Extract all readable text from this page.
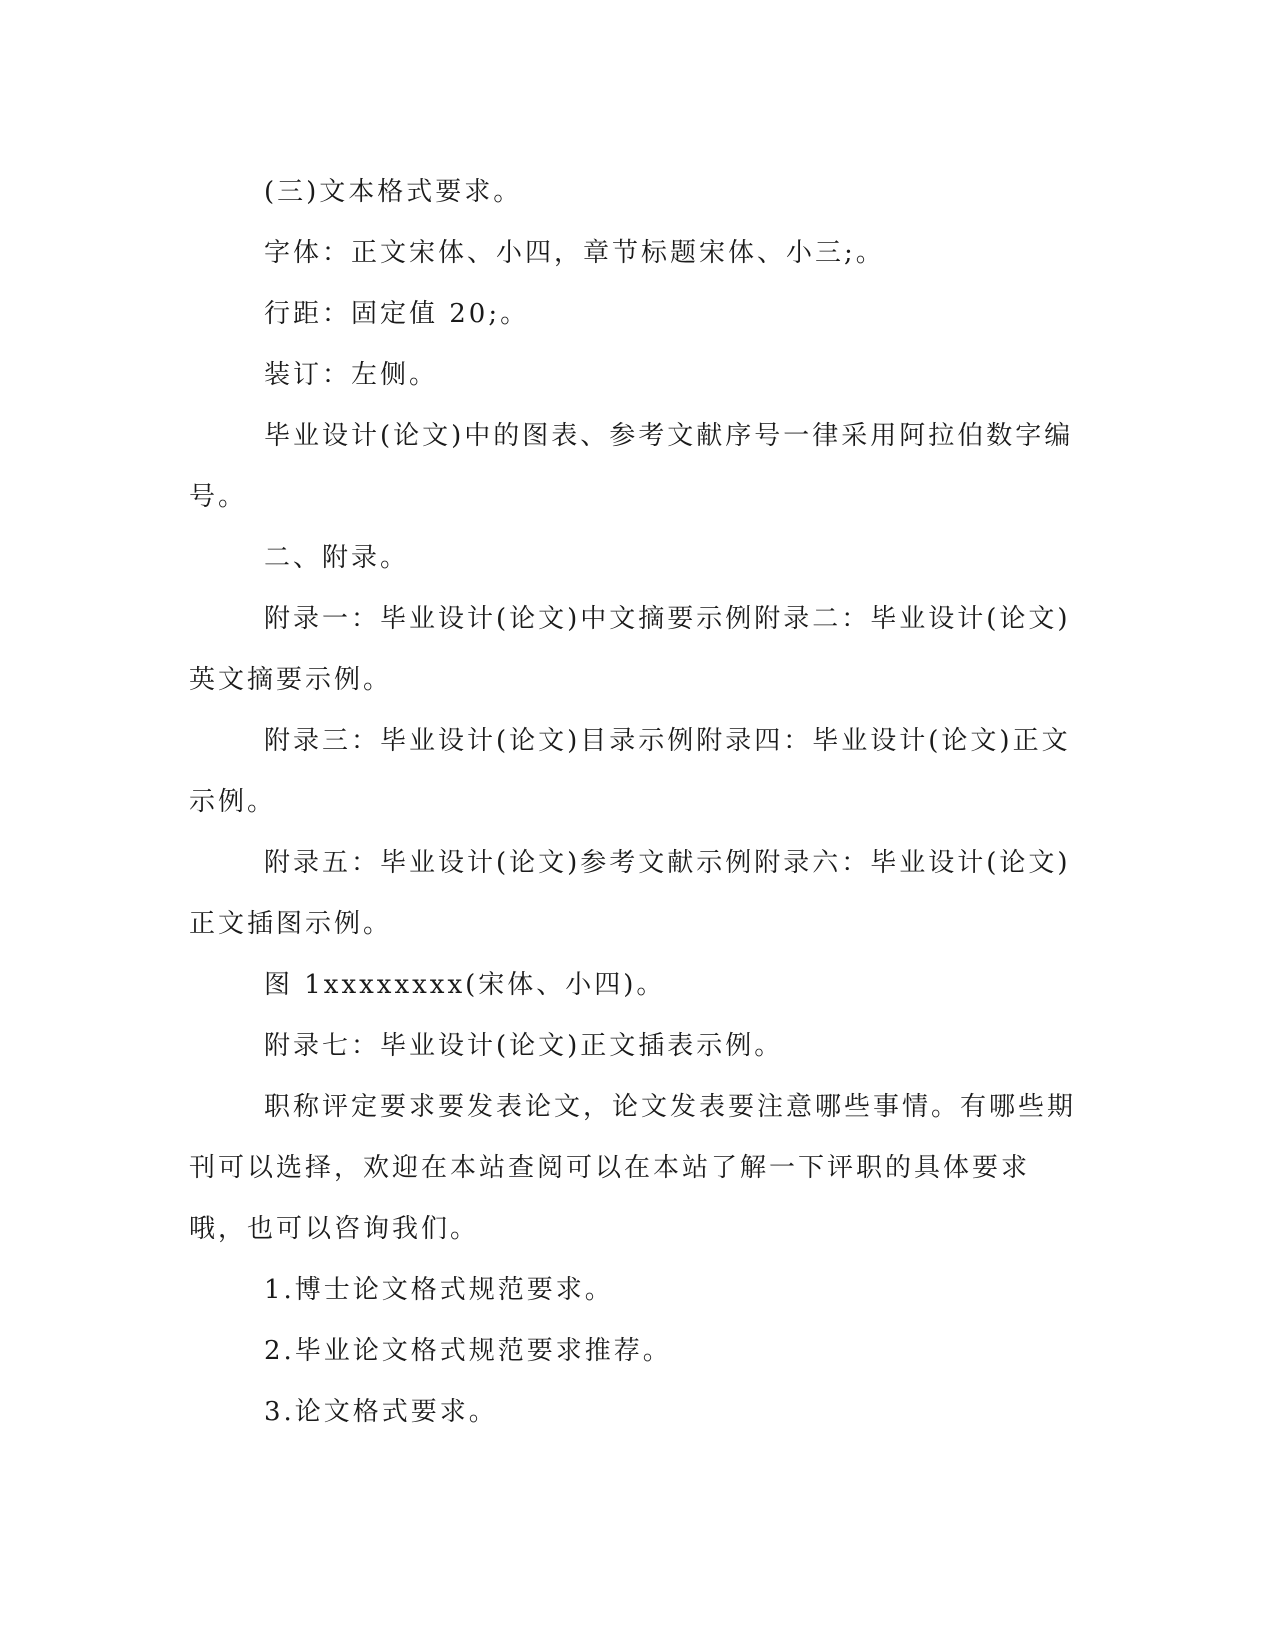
(三)文本格式要求。

字体：正文宋体、小四，章节标题宋体、小三;。

行距：固定值 20;。

装订：左侧。

毕业设计(论文)中的图表、参考文献序号一律采用阿拉伯数字编号。

二、附录。

附录一：毕业设计(论文)中文摘要示例附录二：毕业设计(论文)英文摘要示例。

附录三：毕业设计(论文)目录示例附录四：毕业设计(论文)正文示例。

附录五：毕业设计(论文)参考文献示例附录六：毕业设计(论文)正文插图示例。

图 1xxxxxxxx(宋体、小四)。

附录七：毕业设计(论文)正文插表示例。

职称评定要求要发表论文，论文发表要注意哪些事情。有哪些期刊可以选择，欢迎在本站查阅可以在本站了解一下评职的具体要求哦，也可以咨询我们。

1.博士论文格式规范要求。

2.毕业论文格式规范要求推荐。

3.论文格式要求。
